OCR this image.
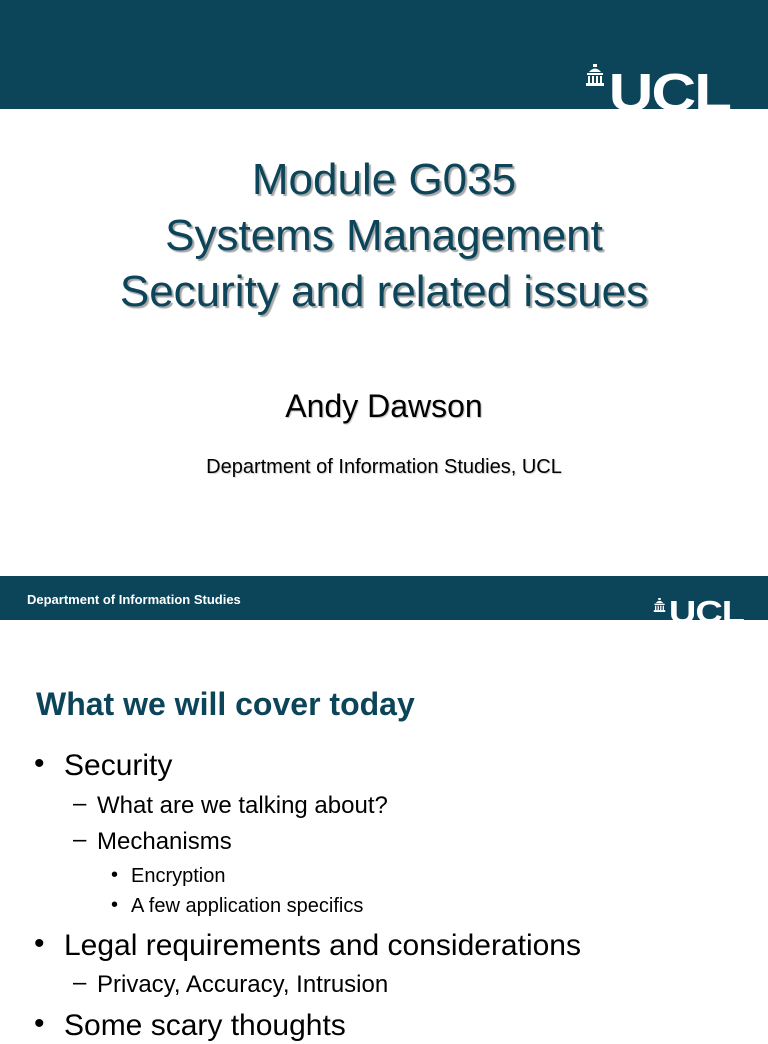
UCL
Module G035
Systems Management
Security and related issues
Andy Dawson
Department of Information Studies, UCL
Department of Information Studies	UCL
What we will cover today
• Security
– What are we talking about?
– Mechanisms
• Encryption
• A few application specifics
• Legal requirements and considerations
– Privacy, Accuracy, Intrusion
• Some scary thoughts
